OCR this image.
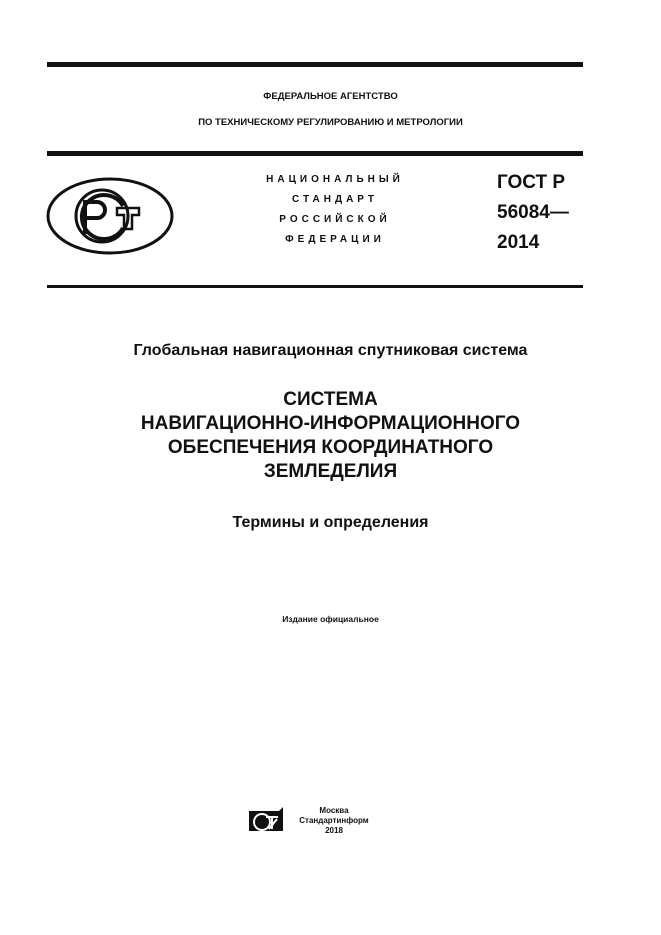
ФЕДЕРАЛЬНОЕ АГЕНТСТВО
ПО ТЕХНИЧЕСКОМУ РЕГУЛИРОВАНИЮ И МЕТРОЛОГИИ
НАЦИОНАЛЬНЫЙ
СТАНДАРТ
РОССИЙСКОЙ
ФЕДЕРАЦИИ
ГОСТ Р
56084—
2014
Глобальная навигационная спутниковая система
СИСТЕМА
НАВИГАЦИОННО-ИНФОРМАЦИОННОГО
ОБЕСПЕЧЕНИЯ КООРДИНАТНОГО
ЗЕМЛЕДЕЛИЯ
Термины и определения
Издание официальное
Москва
Стандартинформ
2018
